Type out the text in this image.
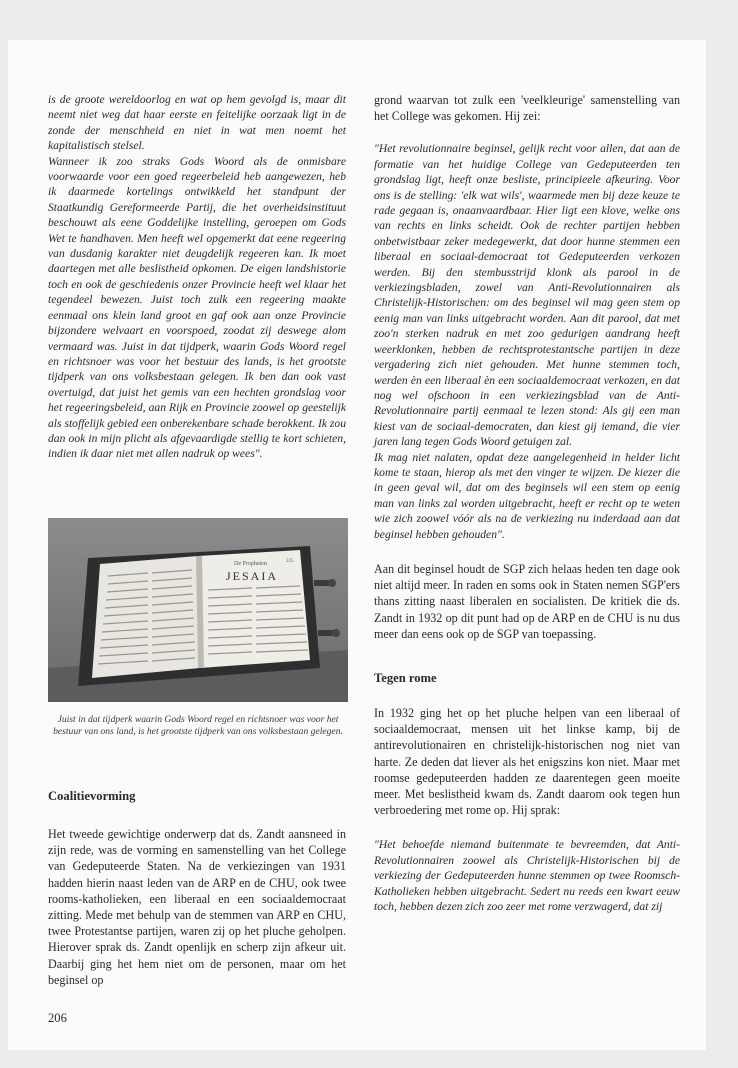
is de groote wereldoorlog en wat op hem gevolgd is, maar dit neemt niet weg dat haar eerste en feitelijke oorzaak ligt in de zonde der menschheid en niet in wat men noemt het kapitalistisch stelsel.

Wanneer ik zoo straks Gods Woord als de onmisbare voorwaarde voor een goed regeerbeleid heb aangewezen, heb ik daarmede kortelings ontwikkeld het standpunt der Staatkundig Gereformeerde Partij, die het overheidsinstituut beschouwt als eene Goddelijke instelling, geroepen om Gods Wet te handhaven. Men heeft wel opgemerkt dat eene regeering van dusdanig karakter niet deugdelijk regeeren kan. Ik moet daartegen met alle beslistheid opkomen. De eigen landshistorie toch en ook de geschiedenis onzer Provincie heeft wel klaar het tegendeel bewezen. Juist toch zulk een regeering maakte eenmaal ons klein land groot en gaf ook aan onze Provincie bijzondere welvaart en voorspoed, zoodat zij deswege alom vermaard was. Juist in dat tijdperk, waarin Gods Woord regel en richtsnoer was voor het bestuur des lands, is het grootste tijdperk van ons volksbestaan gelegen. Ik ben dan ook vast overtuigd, dat juist het gemis van een hechten grondslag voor het regeeringsbeleid, aan Rijk en Provincie zoowel op geestelijk als stoffelijk gebied een onberekenbare schade berokkent. Ik zou dan ook in mijn plicht als afgevaardigde stellig te kort schieten, indien ik daar niet met allen nadruk op wees".

De Propheten
JESAIA
235
Juist in dat tijdperk waarin Gods Woord regel en richtsnoer was voor het bestuur van ons land, is het grootste tijdperk van ons volksbestaan gelegen.
Coalitievorming

Het tweede gewichtige onderwerp dat ds. Zandt aansneed in zijn rede, was de vorming en samenstelling van het College van Gedeputeerde Staten. Na de verkiezingen van 1931 hadden hierin naast leden van de ARP en de CHU, ook twee rooms-katholieken, een liberaal en een sociaaldemocraat zitting. Mede met behulp van de stemmen van ARP en CHU, twee Protestantse partijen, waren zij op het pluche geholpen. Hierover sprak ds. Zandt openlijk en scherp zijn afkeur uit. Daarbij ging het hem niet om de personen, maar om het beginsel op

grond waarvan tot zulk een 'veelkleurige' samenstelling van het College was gekomen. Hij zei:

"Het revolutionnaire beginsel, gelijk recht voor allen, dat aan de formatie van het huidige College van Gedeputeerden ten grondslag ligt, heeft onze besliste, principieele afkeuring. Voor ons is de stelling: 'elk wat wils', waarmede men bij deze keuze te rade gegaan is, onaanvaardbaar. Hier ligt een klove, welke ons van rechts en links scheidt. Ook de rechter partijen hebben onbetwistbaar zeker medegewerkt, dat door hunne stemmen een liberaal en sociaal-democraat tot Gedeputeerden verkozen werden. Bij den stembusstrijd klonk als parool in de verkiezingsbladen, zowel van Anti-Revolutionnairen als Christelijk-Historischen: om des beginsel wil mag geen stem op eenig man van links uitgebracht worden. Aan dit parool, dat met zoo'n sterken nadruk en met zoo gedurigen aandrang heeft weerklonken, hebben de rechtsprotestantsche partijen in deze vergadering zich niet gehouden. Met hunne stemmen toch, werden èn een liberaal èn een sociaaldemocraat verkozen, en dat nog wel ofschoon in een verkiezingsblad van de Anti-Revolutionnaire partij eenmaal te lezen stond: Als gij een man kiest van de sociaal-democraten, dan kiest gij iemand, die vier jaren lang tegen Gods Woord getuigen zal.

Ik mag niet nalaten, opdat deze aangelegenheid in helder licht kome te staan, hierop als met den vinger te wijzen. De kiezer die in geen geval wil, dat om des beginsels wil een stem op eenig man van links zal worden uitgebracht, heeft er recht op te weten wie zich zoowel vóór als na de verkiezing nu inderdaad aan dat beginsel hebben gehouden".

Aan dit beginsel houdt de SGP zich helaas heden ten dage ook niet altijd meer. In raden en soms ook in Staten nemen SGP'ers thans zitting naast liberalen en socialisten. De kritiek die ds. Zandt in 1932 op dit punt had op de ARP en de CHU is nu dus meer dan eens ook op de SGP van toepassing.

Tegen rome

In 1932 ging het op het pluche helpen van een liberaal of sociaaldemocraat, mensen uit het linkse kamp, bij de antirevolutionairen en christelijk-historischen nog niet van harte. Ze deden dat liever als het enigszins kon niet. Maar met roomse gedeputeerden hadden ze daarentegen geen moeite meer. Met beslistheid kwam ds. Zandt daarom ook tegen hun verbroedering met rome op. Hij sprak:

"Het behoefde niemand buitenmate te bevreemden, dat Anti-Revolutionnairen zoowel als Christelijk-Historischen bij de verkiezing der Gedeputeerden hunne stemmen op twee Roomsch-Katholieken hebben uitgebracht. Sedert nu reeds een kwart eeuw toch, hebben dezen zich zoo zeer met rome verzwagerd, dat zij

206
